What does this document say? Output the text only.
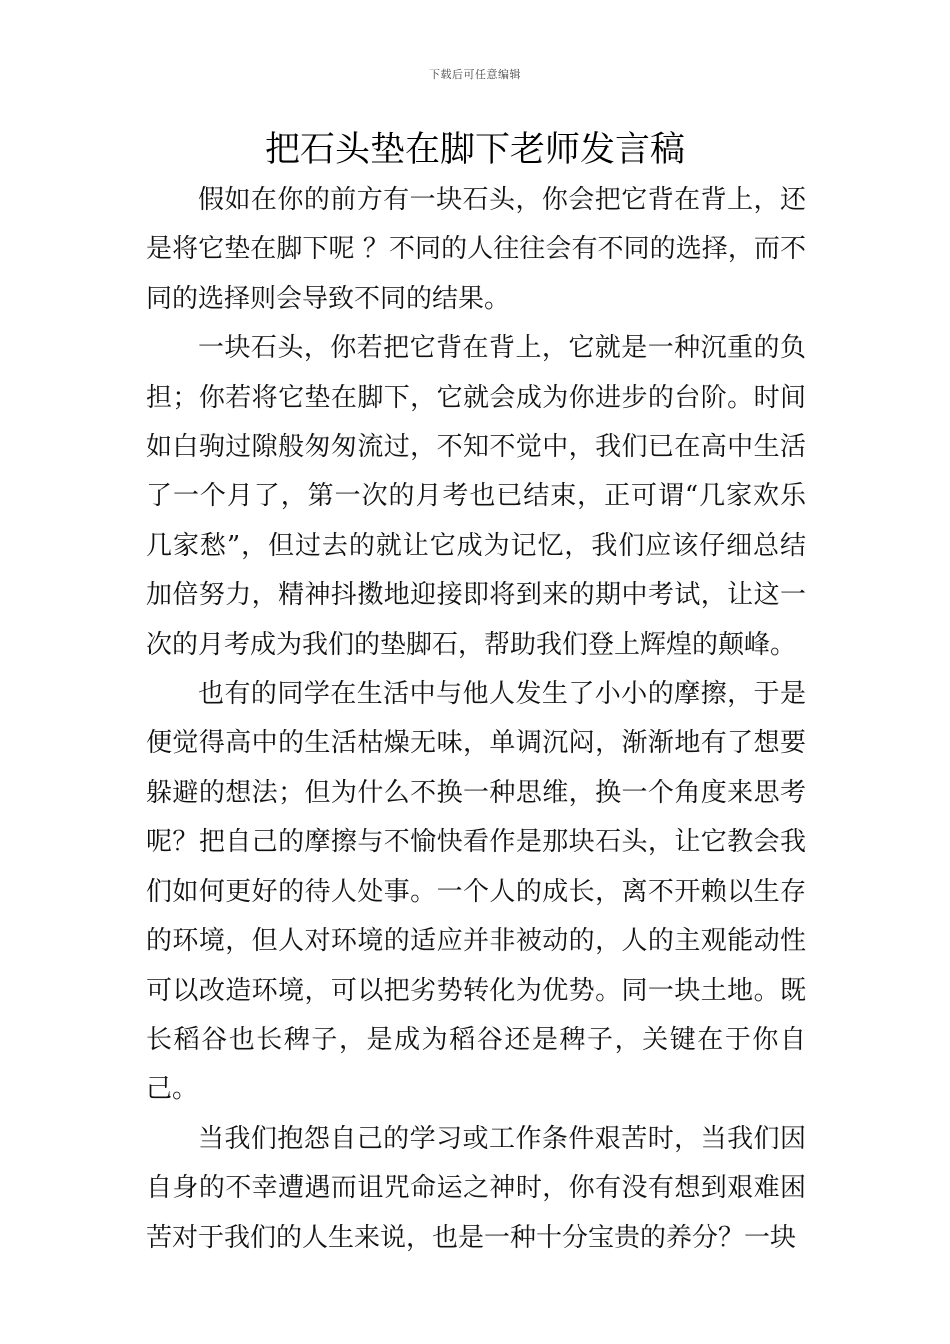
下载后可任意编辑
把石头垫在脚下老师发言稿

假如在你的前方有一块石头，你会把它背在背上，还是将它垫在脚下呢 ？不同的人往往会有不同的选择，而不同的选择则会导致不同的结果。

一块石头，你若把它背在背上，它就是一种沉重的负担；你若将它垫在脚下，它就会成为你进步的台阶。时间如白驹过隙般匆匆流过，不知不觉中，我们已在高中生活了一个月了，第一次的月考也已结束，正可谓“几家欢乐几家愁”，但过去的就让它成为记忆，我们应该仔细总结加倍努力，精神抖擞地迎接即将到来的期中考试，让这一次的月考成为我们的垫脚石，帮助我们登上辉煌的颠峰。

也有的同学在生活中与他人发生了小小的摩擦，于是便觉得高中的生活枯燥无味，单调沉闷，渐渐地有了想要躲避的想法；但为什么不换一种思维，换一个角度来思考呢？把自己的摩擦与不愉快看作是那块石头，让它教会我们如何更好的待人处事。一个人的成长，离不开赖以生存的环境，但人对环境的适应并非被动的，人的主观能动性可以改造环境，可以把劣势转化为优势。同一块土地。既长稻谷也长稗子，是成为稻谷还是稗子，关键在于你自己。

当我们抱怨自己的学习或工作条件艰苦时，当我们因自身的不幸遭遇而诅咒命运之神时，你有没有想到艰难困苦对于我们的人生来说，也是一种十分宝贵的养分？一块
